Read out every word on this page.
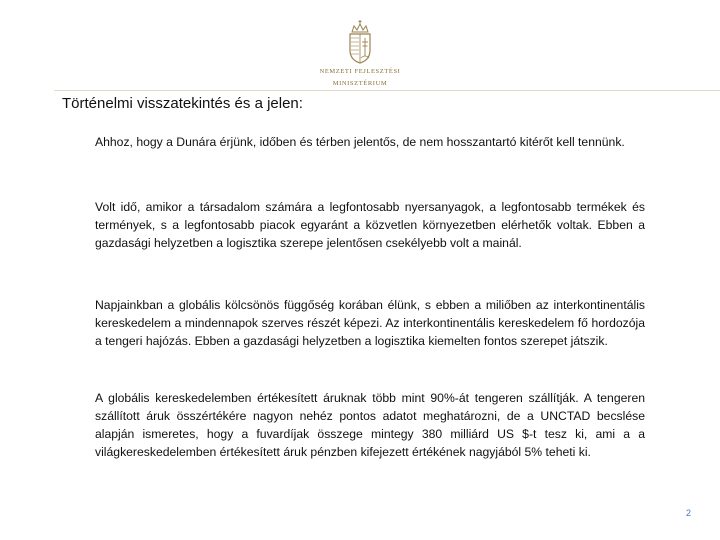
NEMZETI FEJLESZTÉSI
MINISZTÉRIUM
Történelmi visszatekintés és a jelen:
Ahhoz, hogy a Dunára érjünk, időben és térben jelentős, de nem hosszantartó kitérőt kell tennünk.
Volt idő, amikor a társadalom számára a legfontosabb nyersanyagok, a legfontosabb termékek és termények, s a legfontosabb piacok egyaránt a közvetlen környezetben elérhetők voltak. Ebben a gazdasági helyzetben a logisztika szerepe jelentősen csekélyebb volt a mainál.
Napjainkban a globális kölcsönös függőség korában élünk, s ebben a miliőben az interkontinentális kereskedelem a mindennapok szerves részét képezi. Az interkontinentális kereskedelem fő hordozója a tengeri hajózás. Ebben a gazdasági helyzetben a logisztika kiemelten fontos szerepet játszik.
A globális kereskedelemben értékesített áruknak több mint 90%-át tengeren szállítják. A tengeren szállított áruk összértékére nagyon nehéz pontos adatot meghatározni, de a UNCTAD becslése alapján ismeretes, hogy a fuvardíjak összege mintegy 380 milliárd US $-t tesz ki, ami a a világkereskedelemben értékesített áruk pénzben kifejezett értékének nagyjából 5% teheti ki.
2
